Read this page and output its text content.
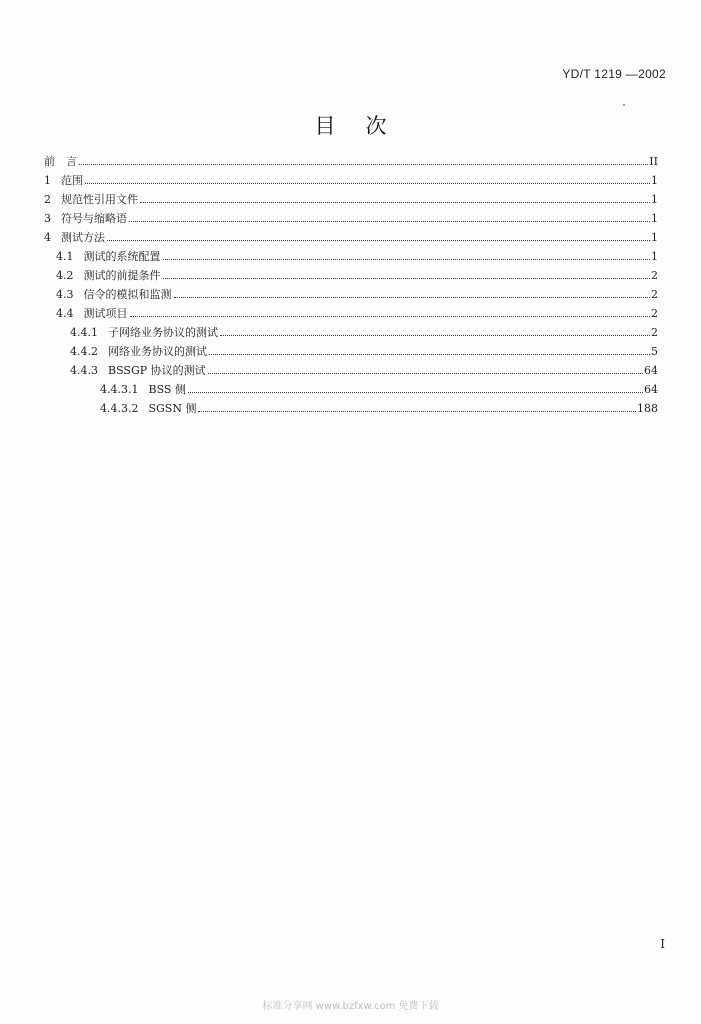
YD/T 1219 —2002
目次
前　言	II
1 范围	1
2 规范性引用文件	1
3 符号与缩略语	1
4 测试方法	1
4.1 测试的系统配置	1
4.2 测试的前提条件	2
4.3 信令的模拟和监测	2
4.4 测试项目	2
4.4.1 子网络业务协议的测试	2
4.4.2 网络业务协议的测试	5
4.4.3 BSSGP 协议的测试	64
4.4.3.1 BSS 侧	64
4.4.3.2 SGSN 侧	188
I
标准分享网 www.bzfxw.com 免费下载
